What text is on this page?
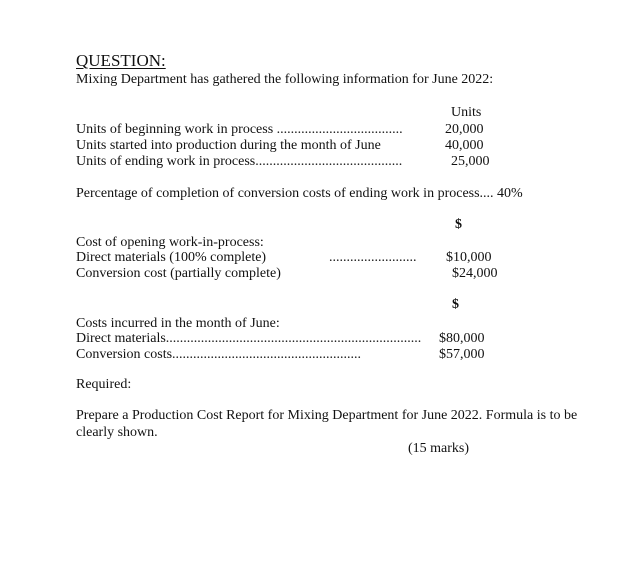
QUESTION:
Mixing Department has gathered the following information for June 2022:
Units
Units of beginning work in process ....................................	20,000
Units started into production during the month of June	40,000
Units of ending work in process..........................................	25,000
Percentage of completion of conversion costs of ending work in process.... 40%
$
Cost of opening work-in-process:
Direct materials (100% complete)	......................... $10,000
Conversion cost (partially complete)	$24,000
$
Costs incurred in the month of June:
Direct materials......................................................................... $80,000
Conversion costs......................................................	$57,000
Required:
Prepare a Production Cost Report for Mixing Department for June 2022. Formula is to be clearly shown.
(15 marks)
